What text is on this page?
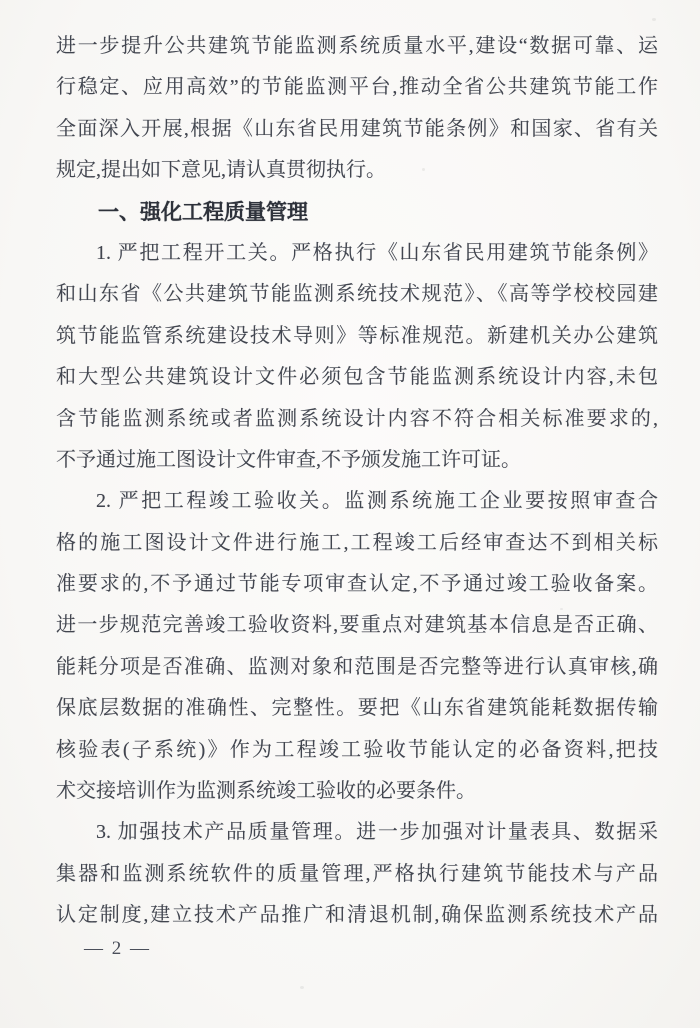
进一步提升公共建筑节能监测系统质量水平,建设“数据可靠、运

行稳定、应用高效”的节能监测平台,推动全省公共建筑节能工作

全面深入开展,根据《山东省民用建筑节能条例》和国家、省有关

规定,提出如下意见,请认真贯彻执行。

一、强化工程质量管理

1. 严把工程开工关。严格执行《山东省民用建筑节能条例》

和山东省《公共建筑节能监测系统技术规范》、《高等学校校园建

筑节能监管系统建设技术导则》等标准规范。新建机关办公建筑

和大型公共建筑设计文件必须包含节能监测系统设计内容,未包

含节能监测系统或者监测系统设计内容不符合相关标准要求的,

不予通过施工图设计文件审查,不予颁发施工许可证。

2. 严把工程竣工验收关。监测系统施工企业要按照审查合

格的施工图设计文件进行施工,工程竣工后经审查达不到相关标

准要求的,不予通过节能专项审查认定,不予通过竣工验收备案。

进一步规范完善竣工验收资料,要重点对建筑基本信息是否正确、

能耗分项是否准确、监测对象和范围是否完整等进行认真审核,确

保底层数据的准确性、完整性。要把《山东省建筑能耗数据传输

核验表(子系统)》作为工程竣工验收节能认定的必备资料,把技

术交接培训作为监测系统竣工验收的必要条件。

3. 加强技术产品质量管理。进一步加强对计量表具、数据采

集器和监测系统软件的质量管理,严格执行建筑节能技术与产品

认定制度,建立技术产品推广和清退机制,确保监测系统技术产品

— 2 —
